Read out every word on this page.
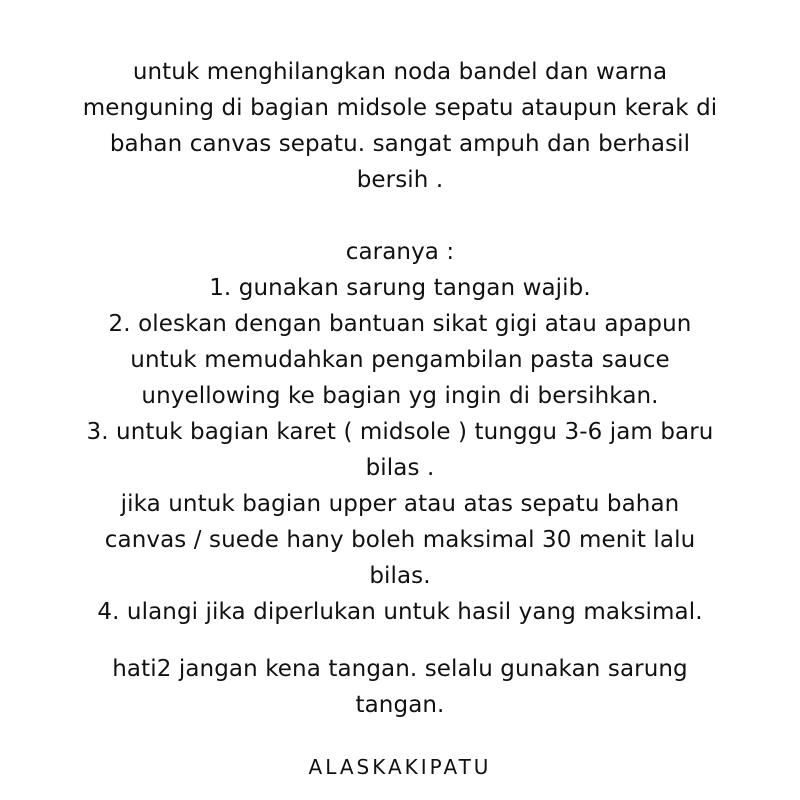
untuk menghilangkan noda bandel dan warna
menguning di bagian midsole sepatu ataupun kerak di
bahan canvas sepatu. sangat ampuh dan berhasil
bersih .
caranya :
1. gunakan sarung tangan wajib.
2. oleskan dengan bantuan sikat gigi atau apapun
untuk memudahkan pengambilan pasta sauce
unyellowing ke bagian yg ingin di bersihkan.
3. untuk bagian karet ( midsole ) tunggu 3-6 jam baru
bilas .
jika untuk bagian upper atau atas sepatu bahan
canvas / suede hany boleh maksimal 30 menit lalu
bilas.
4. ulangi jika diperlukan untuk hasil yang maksimal.
hati2 jangan kena tangan. selalu gunakan sarung
tangan.
ALASKAKIPATU
